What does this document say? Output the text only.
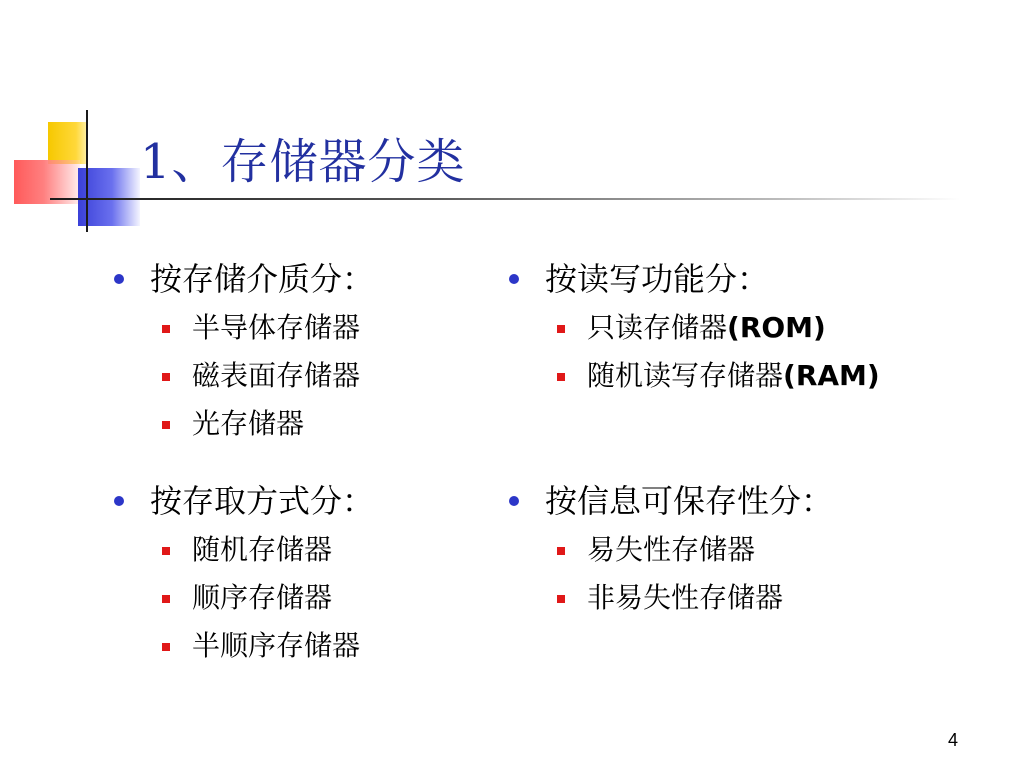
1、存储器分类
按存储介质分：
半导体存储器
磁表面存储器
光存储器
按存取方式分：
随机存储器
顺序存储器
半顺序存储器
按读写功能分：
只读存储器(ROM)
随机读写存储器(RAM)
按信息可保存性分：
易失性存储器
非易失性存储器
4
